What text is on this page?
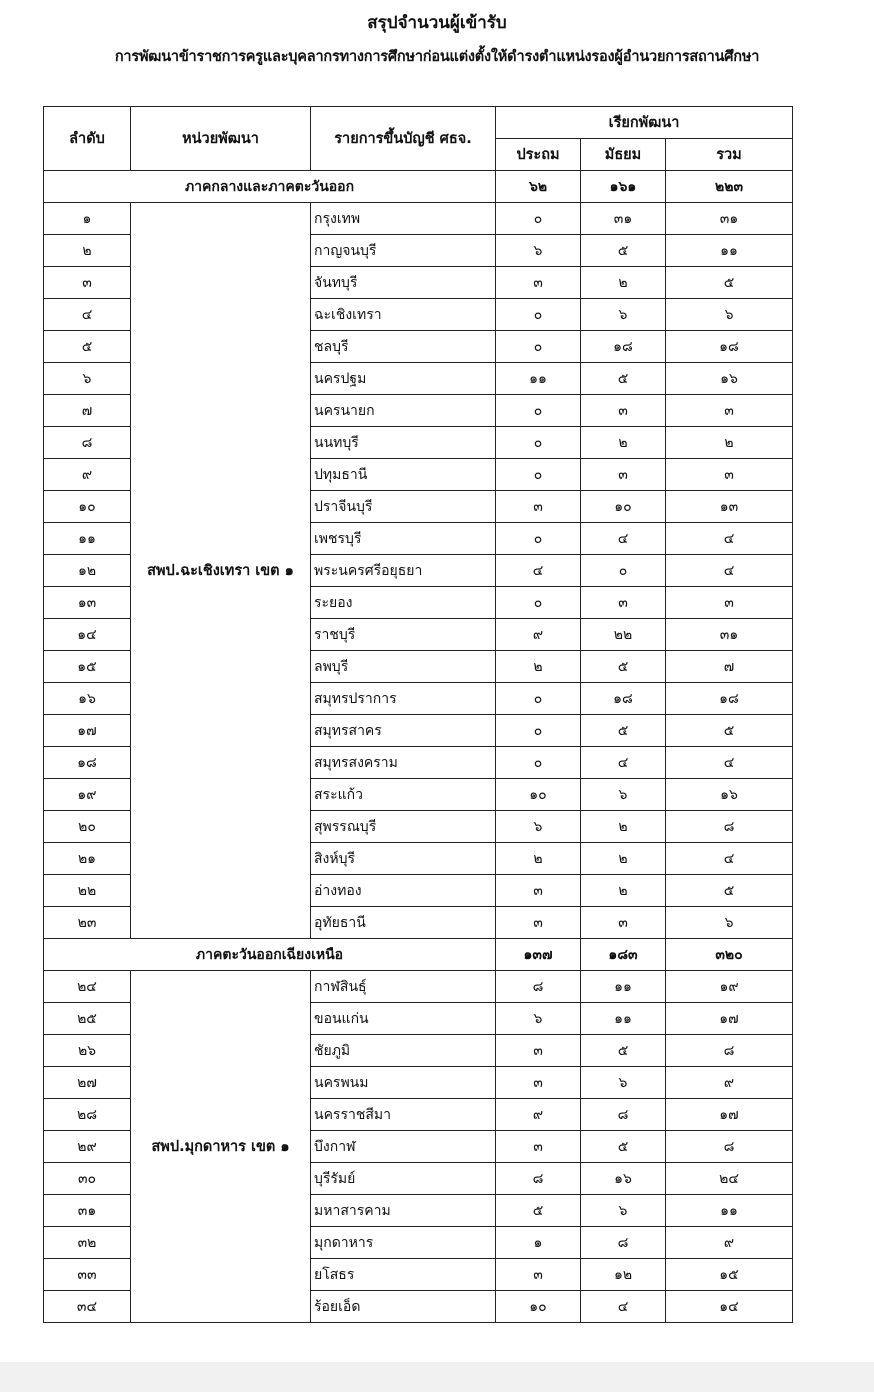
สรุปจำนวนผู้เข้ารับ
การพัฒนาข้าราชการครูและบุคลากรทางการศึกษาก่อนแต่งตั้งให้ดำรงตำแหน่งรองผู้อำนวยการสถานศึกษา
ลำดับ	หน่วยพัฒนา	รายการขึ้นบัญชี ศธจ.	เรียกพัฒนา		
			ประถม	มัธยม	รวม
ภาคกลางและภาคตะวันออก			๖๒	๑๖๑	๒๒๓
๑	สพป.ฉะเชิงเทรา เขต ๑	กรุงเทพ	๐	๓๑	๓๑
๒		กาญจนบุรี	๖	๕	๑๑
๓		จันทบุรี	๓	๒	๕
๔		ฉะเชิงเทรา	๐	๖	๖
๕		ชลบุรี	๐	๑๘	๑๘
๖		นครปฐม	๑๑	๕	๑๖
๗		นครนายก	๐	๓	๓
๘		นนทบุรี	๐	๒	๒
๙		ปทุมธานี	๐	๓	๓
๑๐		ปราจีนบุรี	๓	๑๐	๑๓
๑๑		เพชรบุรี	๐	๔	๔
๑๒		พระนครศรีอยุธยา	๔	๐	๔
๑๓		ระยอง	๐	๓	๓
๑๔		ราชบุรี	๙	๒๒	๓๑
๑๕		ลพบุรี	๒	๕	๗
๑๖		สมุทรปราการ	๐	๑๘	๑๘
๑๗		สมุทรสาคร	๐	๕	๕
๑๘		สมุทรสงคราม	๐	๔	๔
๑๙		สระแก้ว	๑๐	๖	๑๖
๒๐		สุพรรณบุรี	๖	๒	๘
๒๑		สิงห์บุรี	๒	๒	๔
๒๒		อ่างทอง	๓	๒	๕
๒๓		อุทัยธานี	๓	๓	๖
ภาคตะวันออกเฉียงเหนือ			๑๓๗	๑๘๓	๓๒๐
๒๔	สพป.มุกดาหาร เขต ๑	กาฬสินธุ์	๘	๑๑	๑๙
๒๕		ขอนแก่น	๖	๑๑	๑๗
๒๖		ชัยภูมิ	๓	๕	๘
๒๗		นครพนม	๓	๖	๙
๒๘		นครราชสีมา	๙	๘	๑๗
๒๙		บึงกาฬ	๓	๕	๘
๓๐		บุรีรัมย์	๘	๑๖	๒๔
๓๑		มหาสารคาม	๕	๖	๑๑
๓๒		มุกดาหาร	๑	๘	๙
๓๓		ยโสธร	๓	๑๒	๑๕
๓๔		ร้อยเอ็ด	๑๐	๔	๑๔
